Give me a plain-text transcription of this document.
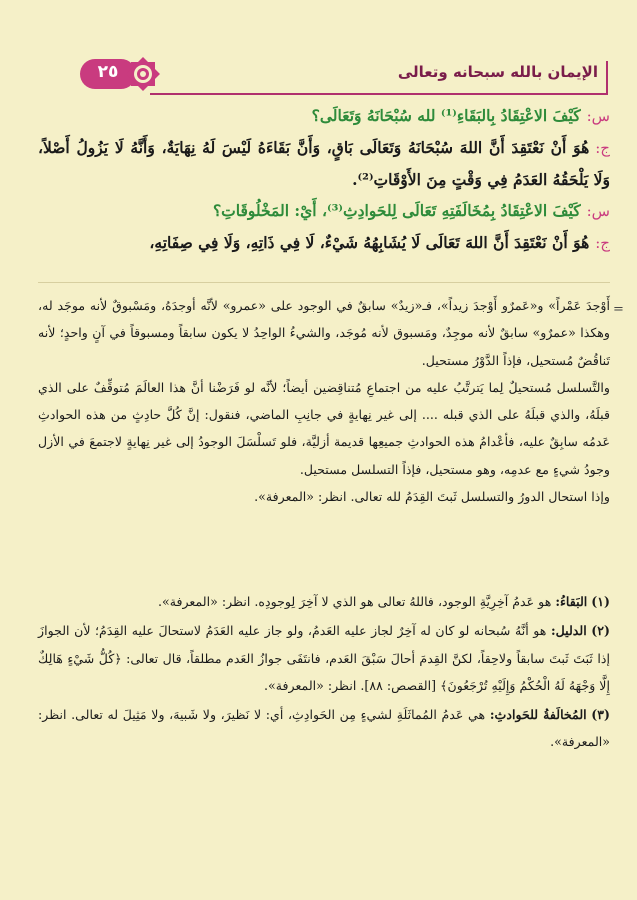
الإيمان بالله سبحانه وتعالى
٢٥
س:كَيْفَ الاعْتِقَادُ بِالبَقَاءِ⁽¹⁾ لله سُبْحَانَهُ وَتَعَالَى؟
ج:هُوَ أَنْ نَعْتَقِدَ أَنَّ اللهَ سُبْحَانَهُ وَتَعَالَى بَاقٍ، وَأَنَّ بَقَاءَهُ لَيْسَ لَهُ نِهَايَةٌ، وَأَنَّهُ لَا يَزُولُ أَصْلاً، وَلَا يَلْحَقُهُ العَدَمُ فِي وَقْتٍ مِنَ الأَوْقَاتِ⁽²⁾.
س:كَيْفَ الاعْتِقَادُ بِمُخَالَفَتِهِ تَعَالَى لِلحَوادِثِ⁽³⁾، أَيْ: المَخْلُوقَاتِ؟
ج:هُوَ أَنْ نَعْتَقِدَ أَنَّ اللهَ تَعَالَى لَا يُشَابِهُهُ شَيْءٌ، لَا فِي ذَاتِهِ، وَلَا فِي صِفَاتِهِ،
=

أَوْجدَ عَمْراً» و«عَمرٌو أَوْجدَ زيداً»، فـ«زيدٌ» سابقٌ في الوجود على «عمرو» لأنَّه أوجدَهُ، ومَسْبوقٌ لأنه موجَد له، وهكذا «عمرٌو» سابقٌ لأنه موجِدٌ، ومَسبوق لأنه مُوجَد، والشيءُ الواحِدُ لا يكون سابقاً ومسبوقاً في آنٍ واحدٍ؛ لأنه تَناقُضٌ مُستحيل، فإذاً الدَّوْرُ مستحيل.

والتَّسلسل مُستحيلٌ لِما يَترتَّبُ عليه من اجتماعِ مُتناقِضين أيضاً؛ لأنَّه لو فَرَضْنا أنَّ هذا العالَمَ مُتوقِّفٌ على الذي قبلَهُ، والذي قبلَهُ على الذي قبله .... إلى غير نِهايةٍ في جانِبِ الماضي، فنقول: إنَّ كُلَّ حادِثٍ من هذه الحوادثِ عَدمُه سابِقٌ عليه، فأعْدامُ هذه الحوادثِ جميعِها قديمة أزليَّة، فلو تَسلْسَلَ الوجودُ إلى غير نِهايةٍ لاجتمعَ في الأزل وجودُ شيءٍ مع عدمِه، وهو مستحيل، فإذاً التسلسل مستحيل.

وإذا استحال الدورُ والتسلسل ثَبتَ القِدَمُ لله تعالى. انظر: «المعرفة».

(١) البَقاءُ: هو عَدمُ آخِرِيَّةِ الوجود، فاللهُ تعالى هو الذي لا آخِرَ لِوجودِه. انظر: «المعرفة».
(٢) الدليل: هو أنَّهُ سُبحانه لو كان له آخِرٌ لجاز عليه العَدمُ، ولو جاز عليه العَدَمُ لاستحالَ عليه القِدَمُ؛ لأن الجوازَ إذا ثَبَتَ ثَبتَ سابقاً ولاحِقاً، لكنَّ القِدمَ أحالَ سَبْقَ العَدم، فانتَفَى جوازُ العَدم مطلقاً، قال تعالى: ﴿كُلُّ شَيْءٍ هَالِكٌ إِلَّا وَجْهَهُ لَهُ الْحُكْمُ وَإِلَيْهِ تُرْجَعُونَ﴾ [القصص: ٨٨]. انظر: «المعرفة».
(٣) المُخالَفةُ للحَوادثِ: هي عَدمُ المُماثَلَةِ لشيءٍ مِن الحَوادِثِ، أي: لا نَظيرَ، ولا شَبيهَ، ولا مَثِيلَ له تعالى. انظر: «المعرفة».
